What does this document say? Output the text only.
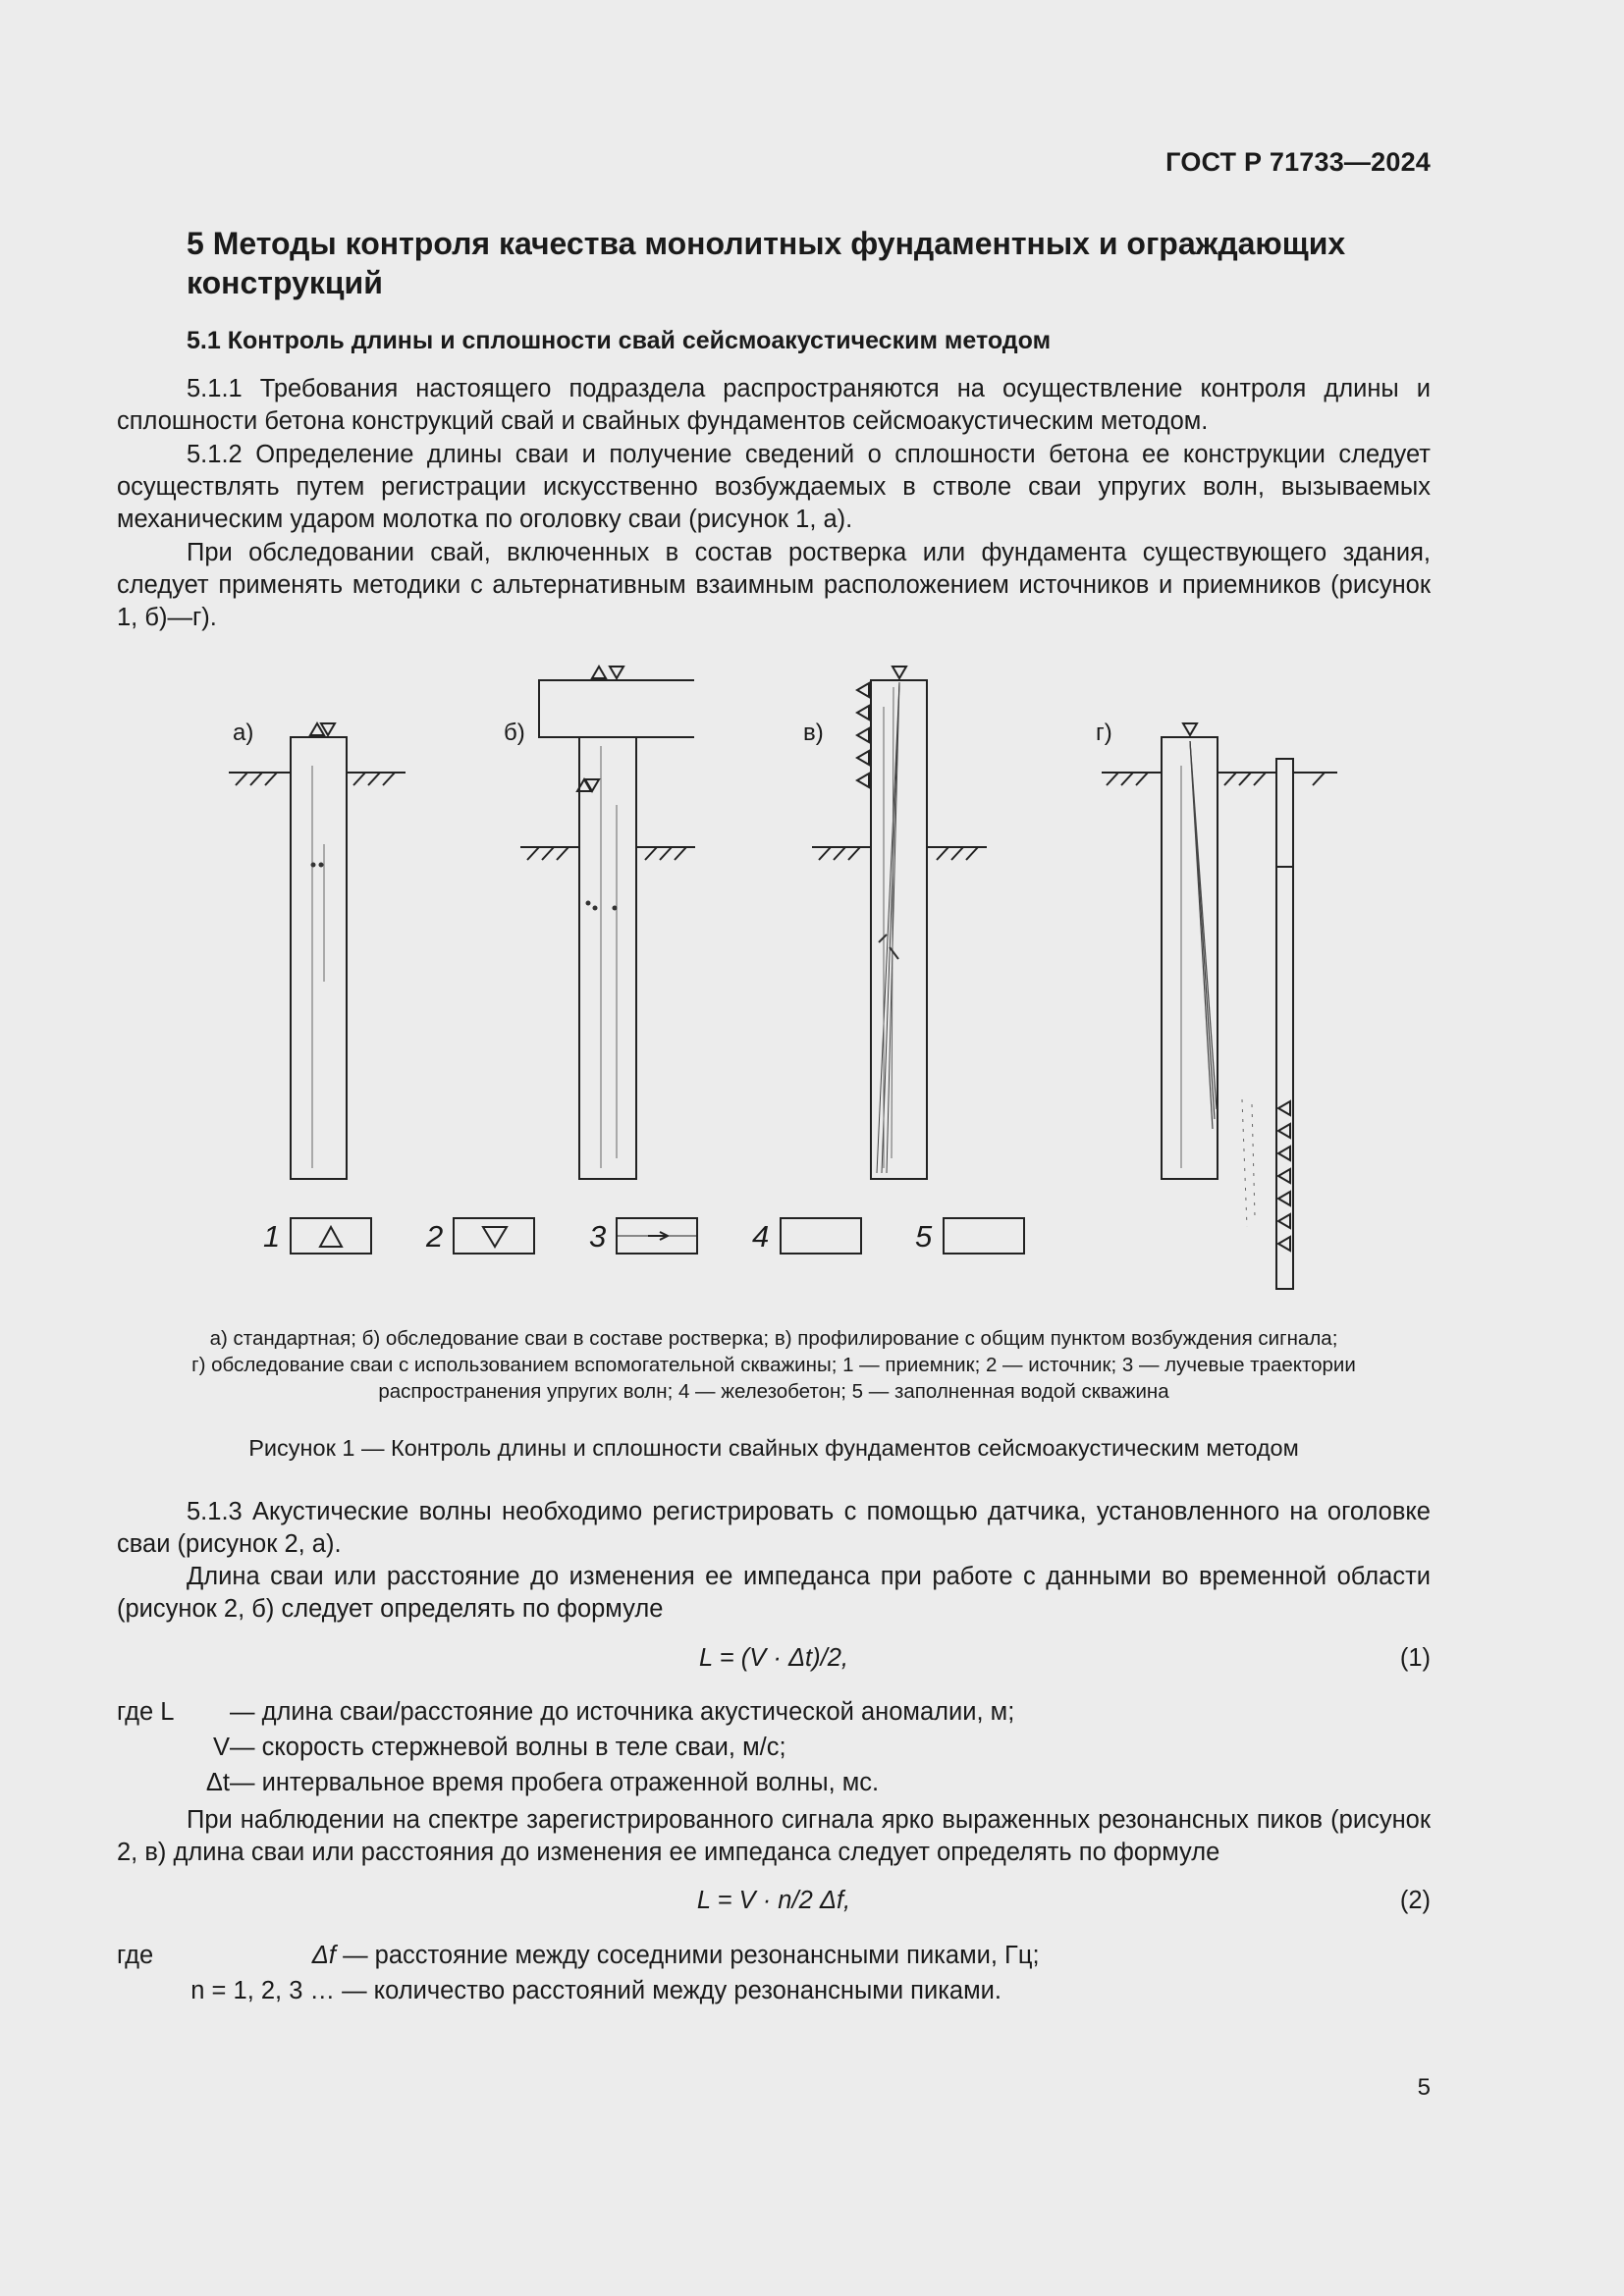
ГОСТ Р 71733—2024
5 Методы контроля качества монолитных фундаментных и ограждающих конструкций
5.1 Контроль длины и сплошности свай сейсмоакустическим методом
5.1.1 Требования настоящего подраздела распространяются на осуществление контроля длины и сплошности бетона конструкций свай и свайных фундаментов сейсмоакустическим методом.
5.1.2 Определение длины сваи и получение сведений о сплошности бетона ее конструкции следует осуществлять путем регистрации искусственно возбуждаемых в стволе сваи упругих волн, вызываемых механическим ударом молотка по оголовку сваи (рисунок 1, а).
При обследовании свай, включенных в состав ростверка или фундамента существующего здания, следует применять методики с альтернативным взаимным расположением источников и приемников (рисунок 1, б)—г).
а)	б)	в)	г)
1	2	3	4	5
а) стандартная; б) обследование сваи в составе ростверка; в) профилирование с общим пунктом возбуждения сигнала;
г) обследование сваи с использованием вспомогательной скважины; 1 — приемник; 2 — источник; 3 — лучевые траектории
распространения упругих волн; 4 — железобетон; 5 — заполненная водой скважина
Рисунок 1 — Контроль длины и сплошности свайных фундаментов сейсмоакустическим методом
5.1.3 Акустические волны необходимо регистрировать с помощью датчика, установленного на оголовке сваи (рисунок 2, а).
Длина сваи или расстояние до изменения ее импеданса при работе с данными во временной области (рисунок 2, б) следует определять по формуле
L = (V · Δt)/2,	(1)
где L — длина сваи/расстояние до источника акустической аномалии, м;
V— скорость стержневой волны в теле сваи, м/с;
Δt— интервальное время пробега отраженной волны, мс.
При наблюдении на спектре зарегистрированного сигнала ярко выраженных резонансных пиков (рисунок 2, в) длина сваи или расстояния до изменения ее импеданса следует определять по формуле
L = V · n/2 Δf,	(2)
где	Δf — расстояние между соседними резонансными пиками, Гц;
n = 1, 2, 3 … — количество расстояний между резонансными пиками.
5
